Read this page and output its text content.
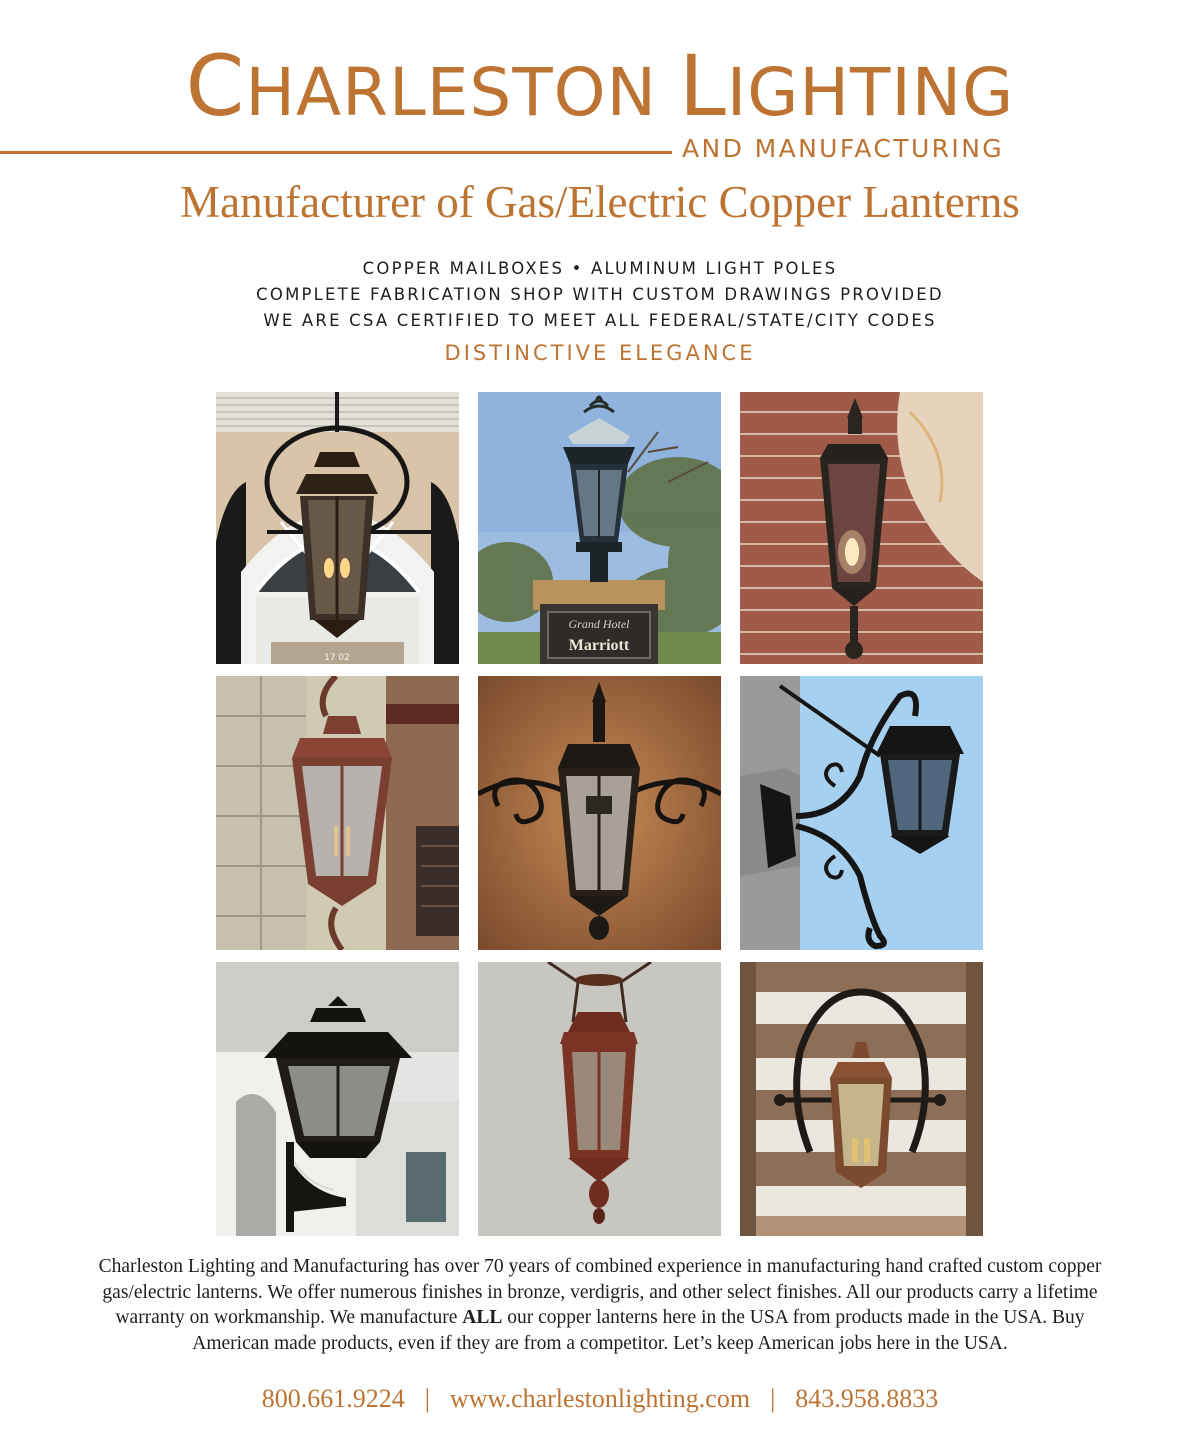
CHARLESTON LIGHTING
AND MANUFACTURING
Manufacturer of Gas/Electric Copper Lanterns
COPPER MAILBOXES • ALUMINUM LIGHT POLES
COMPLETE FABRICATION SHOP WITH CUSTOM DRAWINGS PROVIDED
WE ARE CSA CERTIFIED TO MEET ALL FEDERAL/STATE/CITY CODES
DISTINCTIVE ELEGANCE
17 02
Grand Hotel
Marriott
Charleston Lighting and Manufacturing has over 70 years of combined experience in manufacturing hand crafted custom copper gas/electric lanterns. We offer numerous finishes in bronze, verdigris, and other select finishes. All our products carry a lifetime warranty on workmanship. We manufacture ALL our copper lanterns here in the USA from products made in the USA. Buy American made products, even if they are from a competitor. Let’s keep American jobs here in the USA.
800.661.9224 | www.charlestonlighting.com | 843.958.8833
